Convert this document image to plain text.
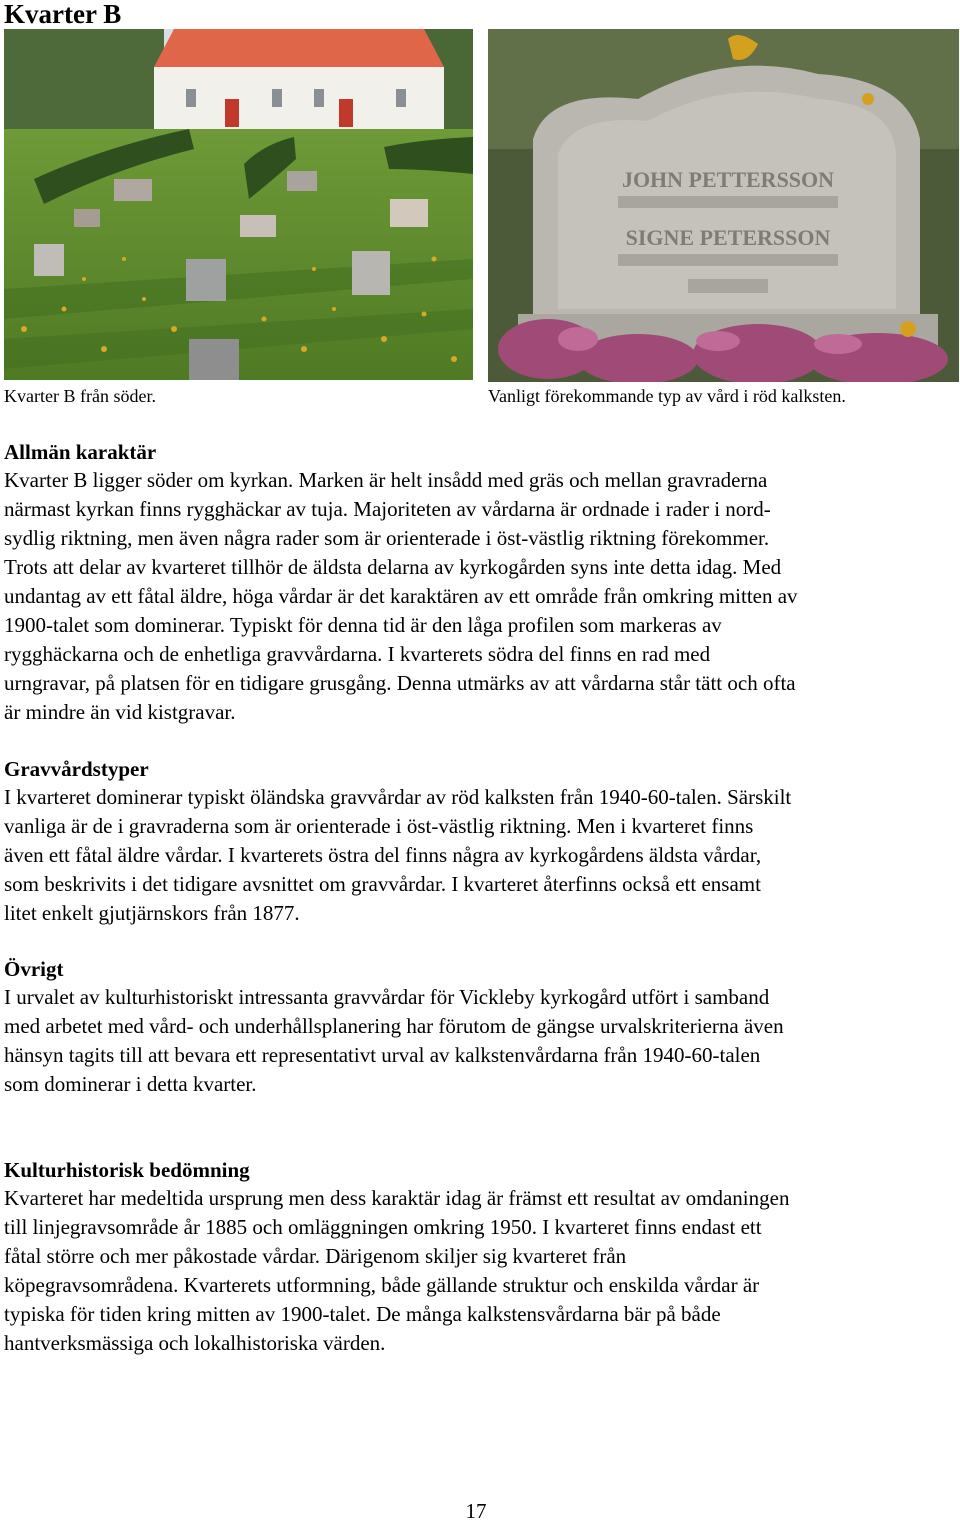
Kvarter B
JOHN PETTERSSON
SIGNE PETERSSON
Kvarter B från söder.	Vanligt förekommande typ av vård i röd kalksten.
Allmän karaktär

Kvarter B ligger söder om kyrkan. Marken är helt insådd med gräs och mellan gravraderna
närmast kyrkan finns rygghäckar av tuja. Majoriteten av vårdarna är ordnade i rader i nord-
sydlig riktning, men även några rader som är orienterade i öst-västlig riktning förekommer.
Trots att delar av kvarteret tillhör de äldsta delarna av kyrkogården syns inte detta idag. Med
undantag av ett fåtal äldre, höga vårdar är det karaktären av ett område från omkring mitten av
1900-talet som dominerar. Typiskt för denna tid är den låga profilen som markeras av
rygghäckarna och de enhetliga gravvårdarna. I kvarterets södra del finns en rad med
urngravar, på platsen för en tidigare grusgång. Denna utmärks av att vårdarna står tätt och ofta
är mindre än vid kistgravar.

Gravvårdstyper

I kvarteret dominerar typiskt öländska gravvårdar av röd kalksten från 1940-60-talen. Särskilt
vanliga är de i gravraderna som är orienterade i öst-västlig riktning. Men i kvarteret finns
även ett fåtal äldre vårdar. I kvarterets östra del finns några av kyrkogårdens äldsta vårdar,
som beskrivits i det tidigare avsnittet om gravvårdar. I kvarteret återfinns också ett ensamt
litet enkelt gjutjärnskors från 1877.

Övrigt

I urvalet av kulturhistoriskt intressanta gravvårdar för Vickleby kyrkogård utfört i samband
med arbetet med vård- och underhållsplanering har förutom de gängse urvalskriterierna även
hänsyn tagits till att bevara ett representativt urval av kalkstenvårdarna från 1940-60-talen
som dominerar i detta kvarter.

Kulturhistorisk bedömning

Kvarteret har medeltida ursprung men dess karaktär idag är främst ett resultat av omdaningen
till linjegravsområde år 1885 och omläggningen omkring 1950. I kvarteret finns endast ett
fåtal större och mer påkostade vårdar. Därigenom skiljer sig kvarteret från
köpegravsområdena. Kvarterets utformning, både gällande struktur och enskilda vårdar är
typiska för tiden kring mitten av 1900-talet. De många kalkstensvårdarna bär på både
hantverksmässiga och lokalhistoriska värden.

17
